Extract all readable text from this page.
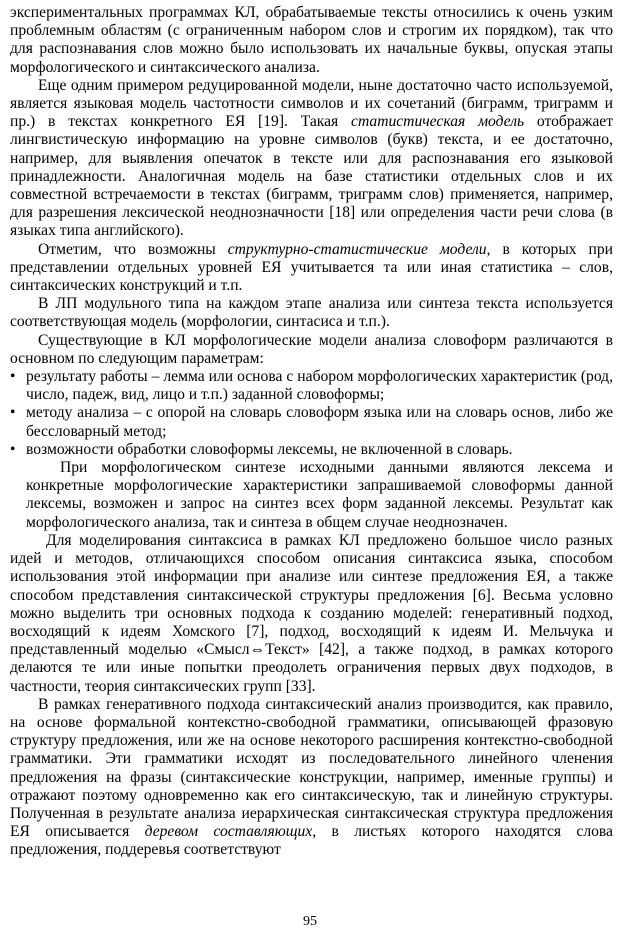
экспериментальных программах КЛ, обрабатываемые тексты относились к очень узким проблемным областям (с ограниченным набором слов и строгим их порядком), так что для распознавания слов можно было использовать их начальные буквы, опуская этапы морфологического и синтаксического анализа.

Еще одним примером редуцированной модели, ныне достаточно часто используемой, является языковая модель частотности символов и их сочетаний (биграмм, триграмм и пр.) в текстах конкретного ЕЯ [19]. Такая статистическая модель отображает лингвистическую информацию на уровне символов (букв) текста, и ее достаточно, например, для выявления опечаток в тексте или для распознавания его языковой принадлежности. Аналогичная модель на базе статистики отдельных слов и их совместной встречаемости в текстах (биграмм, триграмм слов) применяется, например, для разрешения лексической неоднозначности [18] или определения части речи слова (в языках типа английского).

Отметим, что возможны структурно-статистические модели, в которых при представлении отдельных уровней ЕЯ учитывается та или иная статистика – слов, синтаксических конструкций и т.п.

В ЛП модульного типа на каждом этапе анализа или синтеза текста используется соответствующая модель (морфологии, синтасиса и т.п.).

Существующие в КЛ морфологические модели анализа словоформ различаются в основном по следующим параметрам:

• результату работы – лемма или основа с набором морфологических характеристик (род, число, падеж, вид, лицо и т.п.) заданной словоформы;
• методу анализа – с опорой на словарь словоформ языка или на словарь основ, либо же бессловарный метод;
• возможности обработки словоформы лексемы, не включенной в словарь.

При морфологическом синтезе исходными данными являются лексема и конкретные морфологические характеристики запрашиваемой словоформы данной лексемы, возможен и запрос на синтез всех форм заданной лексемы. Результат как морфологического анализа, так и синтеза в общем случае неоднозначен.

Для моделирования синтаксиса в рамках КЛ предложено большое число разных идей и методов, отличающихся способом описания синтаксиса языка, способом использования этой информации при анализе или синтезе предложения ЕЯ, а также способом представления синтаксической структуры предложения [6]. Весьма условно можно выделить три основных подхода к созданию моделей: генеративный подход, восходящий к идеям Хомского [7], подход, восходящий к идеям И. Мельчука и представленный моделью «Смысл⇔Текст» [42], а также подход, в рамках которого делаются те или иные попытки преодолеть ограничения первых двух подходов, в частности, теория синтаксических групп [33].

В рамках генеративного подхода синтаксический анализ производится, как правило, на основе формальной контекстно-свободной грамматики, описывающей фразовую структуру предложения, или же на основе некоторого расширения контекстно-свободной грамматики. Эти грамматики исходят из последовательного линейного членения предложения на фразы (синтаксические конструкции, например, именные группы) и отражают поэтому одновременно как его синтаксическую, так и линейную структуры. Полученная в результате анализа иерархическая синтаксическая структура предложения ЕЯ описывается деревом составляющих, в листьях которого находятся слова предложения, поддеревья соответствуют

95
